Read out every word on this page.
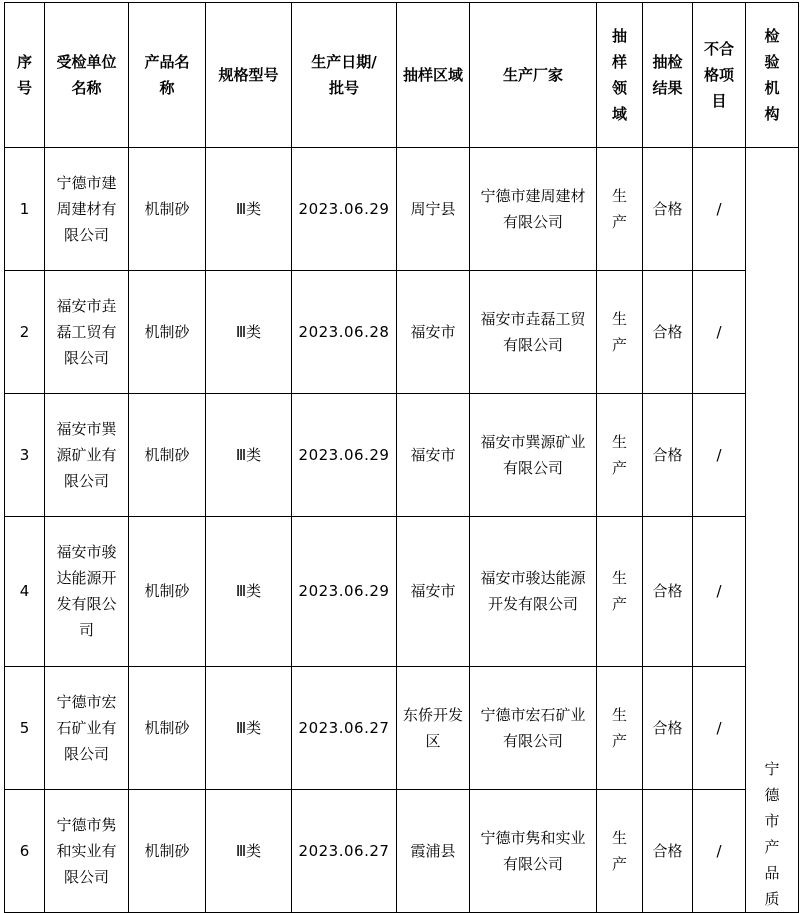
序号	受检单位名称	产品名称	规格型号	生产日期/批号	抽样区域	生产厂家	抽样领域	抽检结果	不合格项目	检验机构
1	宁德市建周建材有限公司	机制砂	Ⅲ类	2023.06.29	周宁县	宁德市建周建材有限公司	生产	合格	/	宁德市产品质

2	福安市垚磊工贸有限公司	机制砂	Ⅲ类	2023.06.28	福安市	福安市垚磊工贸有限公司	生产	合格	/	
3	福安市巽源矿业有限公司	机制砂	Ⅲ类	2023.06.29	福安市	福安市巽源矿业有限公司	生产	合格	/	
4	福安市骏达能源开发有限公司	机制砂	Ⅲ类	2023.06.29	福安市	福安市骏达能源开发有限公司	生产	合格	/	
5	宁德市宏石矿业有限公司	机制砂	Ⅲ类	2023.06.27	东侨开发区	宁德市宏石矿业有限公司	生产	合格	/	
6	宁德市隽和实业有限公司	机制砂	Ⅲ类	2023.06.27	霞浦县	宁德市隽和实业有限公司	生产	合格	/	
